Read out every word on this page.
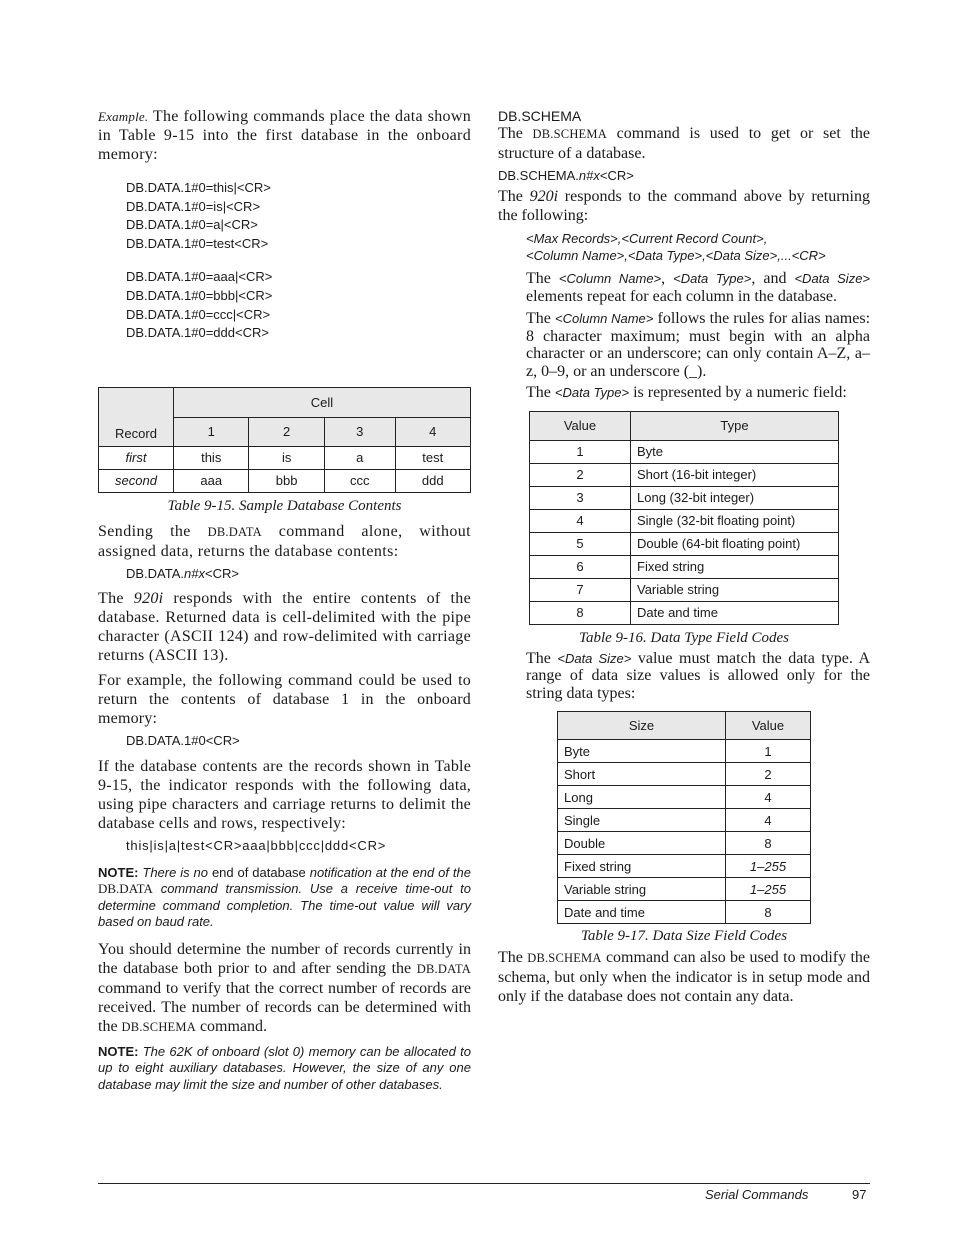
Example. The following commands place the data shown in Table 9-15 into the first database in the onboard memory:

DB.DATA.1#0=this|<CR>
DB.DATA.1#0=is|<CR>
DB.DATA.1#0=a|<CR>
DB.DATA.1#0=test<CR>
DB.DATA.1#0=aaa|<CR>
DB.DATA.1#0=bbb|<CR>
DB.DATA.1#0=ccc|<CR>
DB.DATA.1#0=ddd<CR>
Record	Cell			
	1	2	3	4
first	this	is	a	test
second	aaa	bbb	ccc	ddd
Table 9-15. Sample Database Contents

Sending the DB.DATA command alone, without assigned data, returns the database contents:

DB.DATA.n#x<CR>

The 920i responds with the entire contents of the database. Returned data is cell-delimited with the pipe character (ASCII 124) and row-delimited with carriage returns (ASCII 13).

For example, the following command could be used to return the contents of database 1 in the onboard memory:

DB.DATA.1#0<CR>

If the database contents are the records shown in Table 9-15, the indicator responds with the following data, using pipe characters and carriage returns to delimit the database cells and rows, respectively:

this|is|a|test<CR>aaa|bbb|ccc|ddd<CR>

NOTE: There is no end of database notification at the end of the DB.DATA command transmission. Use a receive time-out to determine command completion. The time-out value will vary based on baud rate.

You should determine the number of records currently in the database both prior to and after sending the DB.DATA command to verify that the correct number of records are received. The number of records can be determined with the DB.SCHEMA command.

NOTE: The 62K of onboard (slot 0) memory can be allocated to up to eight auxiliary databases. However, the size of any one database may limit the size and number of other databases.

DB.SCHEMA

The DB.SCHEMA command is used to get or set the structure of a database.

DB.SCHEMA.n#x<CR>

The 920i responds to the command above by returning the following:

<Max Records>,<Current Record Count>,
<Column Name>,<Data Type>,<Data Size>,...<CR>

The <Column Name>, <Data Type>, and <Data Size> elements repeat for each column in the database.

The <Column Name> follows the rules for alias names: 8 character maximum; must begin with an alpha character or an underscore; can only contain A–Z, a–z, 0–9, or an underscore (_).

The <Data Type> is represented by a numeric field:

Value	Type
1	Byte
2	Short (16-bit integer)
3	Long (32-bit integer)
4	Single (32-bit floating point)
5	Double (64-bit floating point)
6	Fixed string
7	Variable string
8	Date and time
Table 9-16. Data Type Field Codes

The <Data Size> value must match the data type. A range of data size values is allowed only for the string data types:

Size	Value
Byte	1
Short	2
Long	4
Single	4
Double	8
Fixed string	1–255
Variable string	1–255
Date and time	8
Table 9-17. Data Size Field Codes

The DB.SCHEMA command can also be used to modify the schema, but only when the indicator is in setup mode and only if the database does not contain any data.

Serial Commands	97
